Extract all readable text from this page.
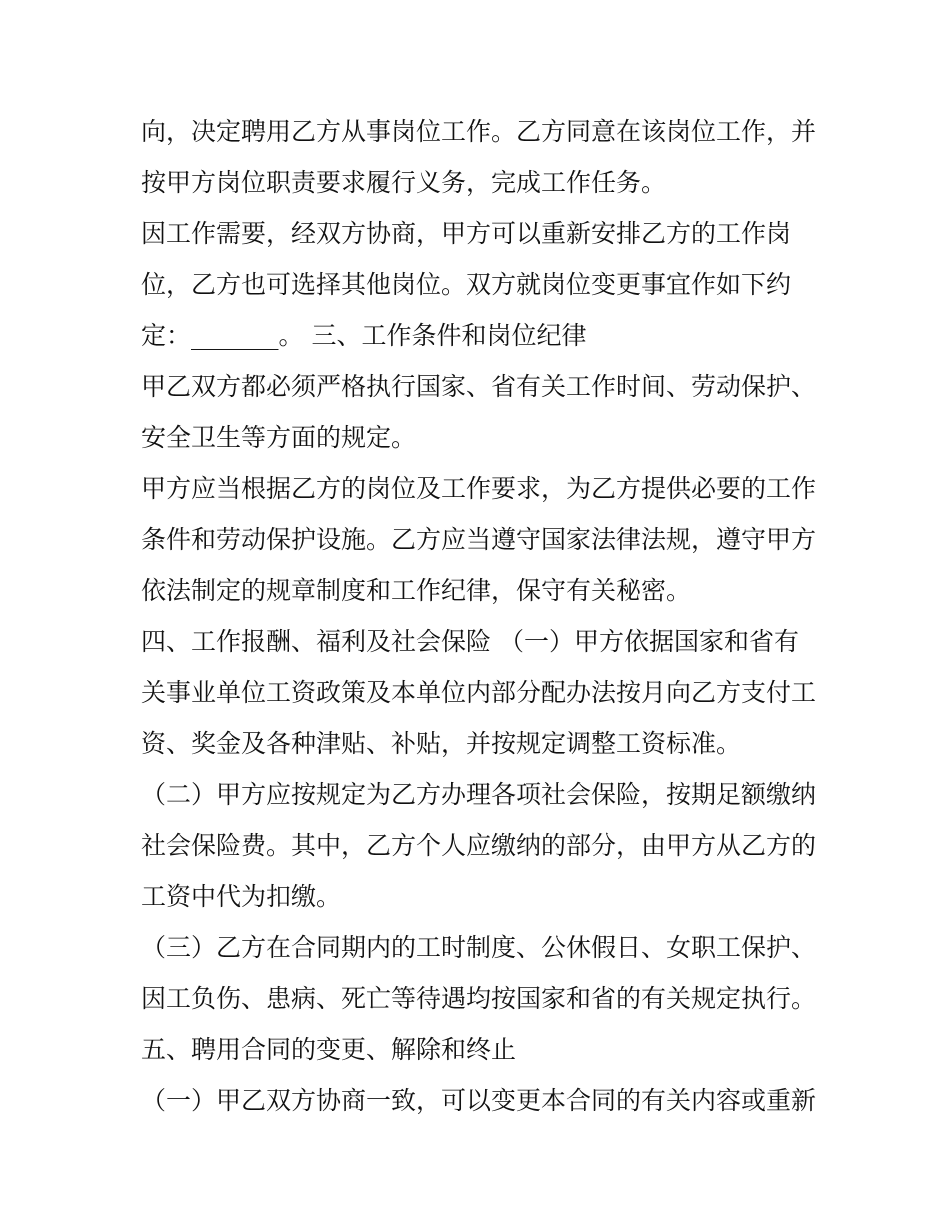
向，决定聘用乙方从事岗位工作。乙方同意在该岗位工作，并
按甲方岗位职责要求履行义务，完成工作任务。
因工作需要，经双方协商，甲方可以重新安排乙方的工作岗
位，乙方也可选择其他岗位。双方就岗位变更事宜作如下约
定：_______。 三、工作条件和岗位纪律
甲乙双方都必须严格执行国家、省有关工作时间、劳动保护、
安全卫生等方面的规定。
甲方应当根据乙方的岗位及工作要求，为乙方提供必要的工作
条件和劳动保护设施。乙方应当遵守国家法律法规，遵守甲方
依法制定的规章制度和工作纪律，保守有关秘密。
四、工作报酬、福利及社会保险 （一）甲方依据国家和省有
关事业单位工资政策及本单位内部分配办法按月向乙方支付工
资、奖金及各种津贴、补贴，并按规定调整工资标准。
（二）甲方应按规定为乙方办理各项社会保险，按期足额缴纳
社会保险费。其中，乙方个人应缴纳的部分，由甲方从乙方的
工资中代为扣缴。
（三）乙方在合同期内的工时制度、公休假日、女职工保护、
因工负伤、患病、死亡等待遇均按国家和省的有关规定执行。
五、聘用合同的变更、解除和终止
（一）甲乙双方协商一致，可以变更本合同的有关内容或重新
